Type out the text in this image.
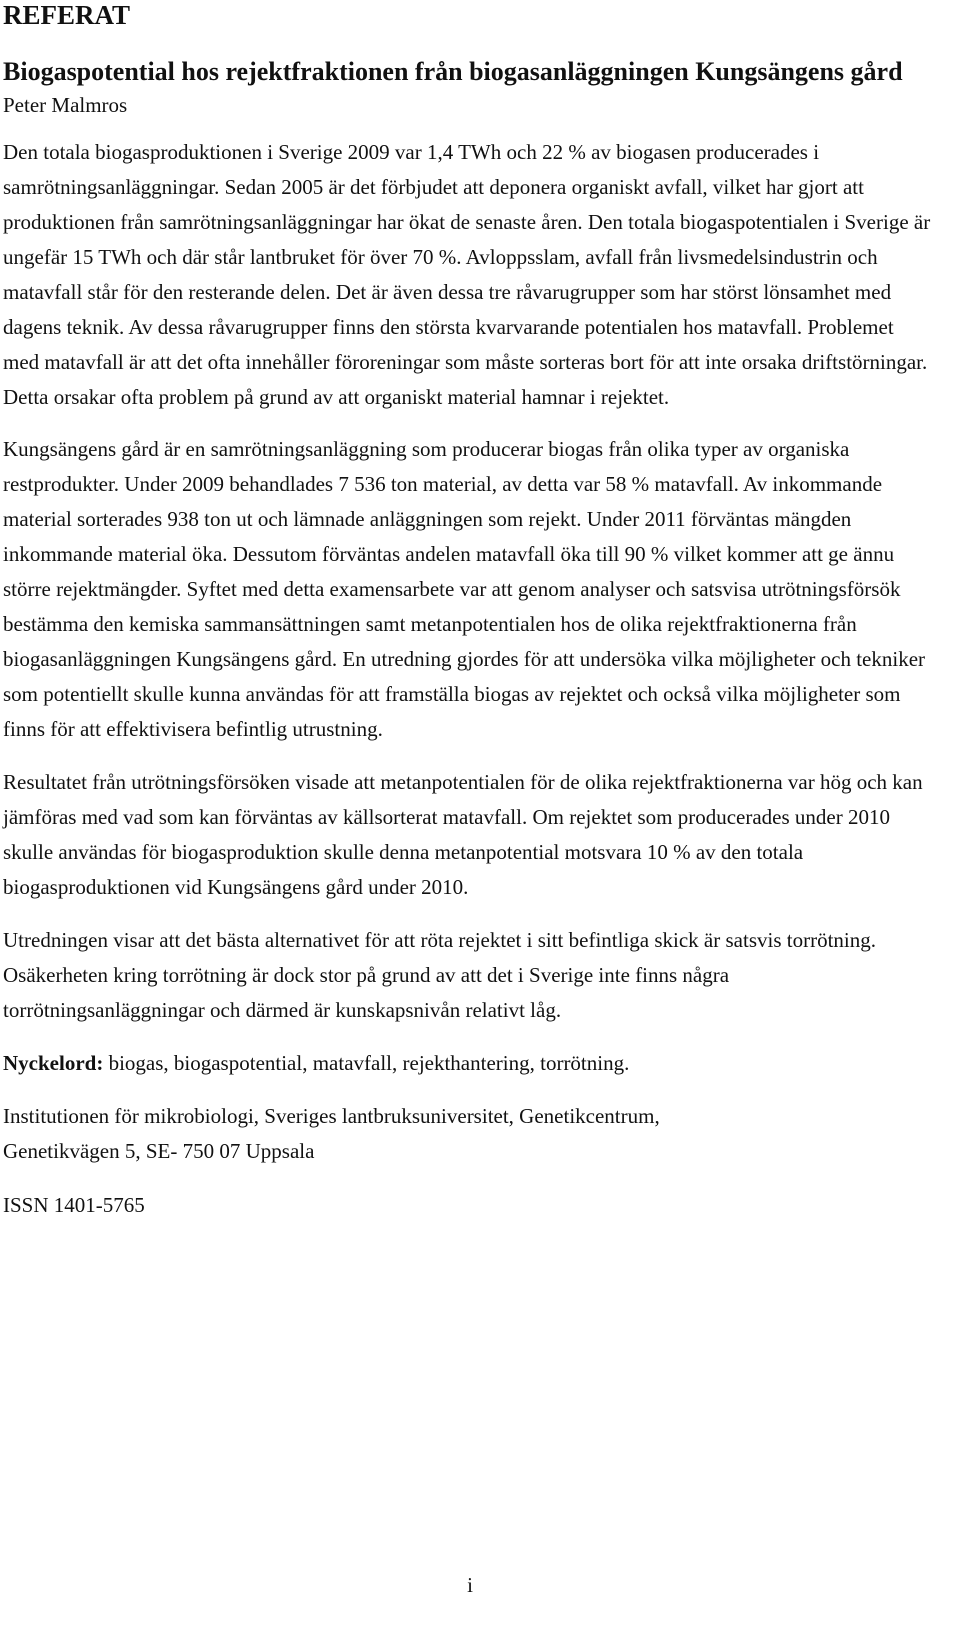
REFERAT
Biogaspotential hos rejektfraktionen från biogasanläggningen Kungsängens gård
Peter Malmros

Den totala biogasproduktionen i Sverige 2009 var 1,4 TWh och 22 % av biogasen producerades i samrötningsanläggningar. Sedan 2005 är det förbjudet att deponera organiskt avfall, vilket har gjort att produktionen från samrötningsanläggningar har ökat de senaste åren. Den totala biogaspotentialen i Sverige är ungefär 15 TWh och där står lantbruket för över 70 %. Avloppsslam, avfall från livsmedelsindustrin och matavfall står för den resterande delen. Det är även dessa tre råvarugrupper som har störst lönsamhet med dagens teknik. Av dessa råvarugrupper finns den största kvarvarande potentialen hos matavfall. Problemet med matavfall är att det ofta innehåller föroreningar som måste sorteras bort för att inte orsaka driftstörningar. Detta orsakar ofta problem på grund av att organiskt material hamnar i rejektet.

Kungsängens gård är en samrötningsanläggning som producerar biogas från olika typer av organiska restprodukter. Under 2009 behandlades 7 536 ton material, av detta var 58 % matavfall. Av inkommande material sorterades 938 ton ut och lämnade anläggningen som rejekt. Under 2011 förväntas mängden inkommande material öka. Dessutom förväntas andelen matavfall öka till 90 % vilket kommer att ge ännu större rejektmängder. Syftet med detta examensarbete var att genom analyser och satsvisa utrötningsförsök bestämma den kemiska sammansättningen samt metanpotentialen hos de olika rejektfraktionerna från biogasanläggningen Kungsängens gård. En utredning gjordes för att undersöka vilka möjligheter och tekniker som potentiellt skulle kunna användas för att framställa biogas av rejektet och också vilka möjligheter som finns för att effektivisera befintlig utrustning.

Resultatet från utrötningsförsöken visade att metanpotentialen för de olika rejektfraktionerna var hög och kan jämföras med vad som kan förväntas av källsorterat matavfall. Om rejektet som producerades under 2010 skulle användas för biogasproduktion skulle denna metanpotential motsvara 10 % av den totala biogasproduktionen vid Kungsängens gård under 2010.

Utredningen visar att det bästa alternativet för att röta rejektet i sitt befintliga skick är satsvis torrötning. Osäkerheten kring torrötning är dock stor på grund av att det i Sverige inte finns några torrötningsanläggningar och därmed är kunskapsnivån relativt låg.

Nyckelord: biogas, biogaspotential, matavfall, rejekthantering, torrötning.

Institutionen för mikrobiologi, Sveriges lantbruksuniversitet, Genetikcentrum,
Genetikvägen 5, SE- 750 07 Uppsala

ISSN 1401-5765

i
